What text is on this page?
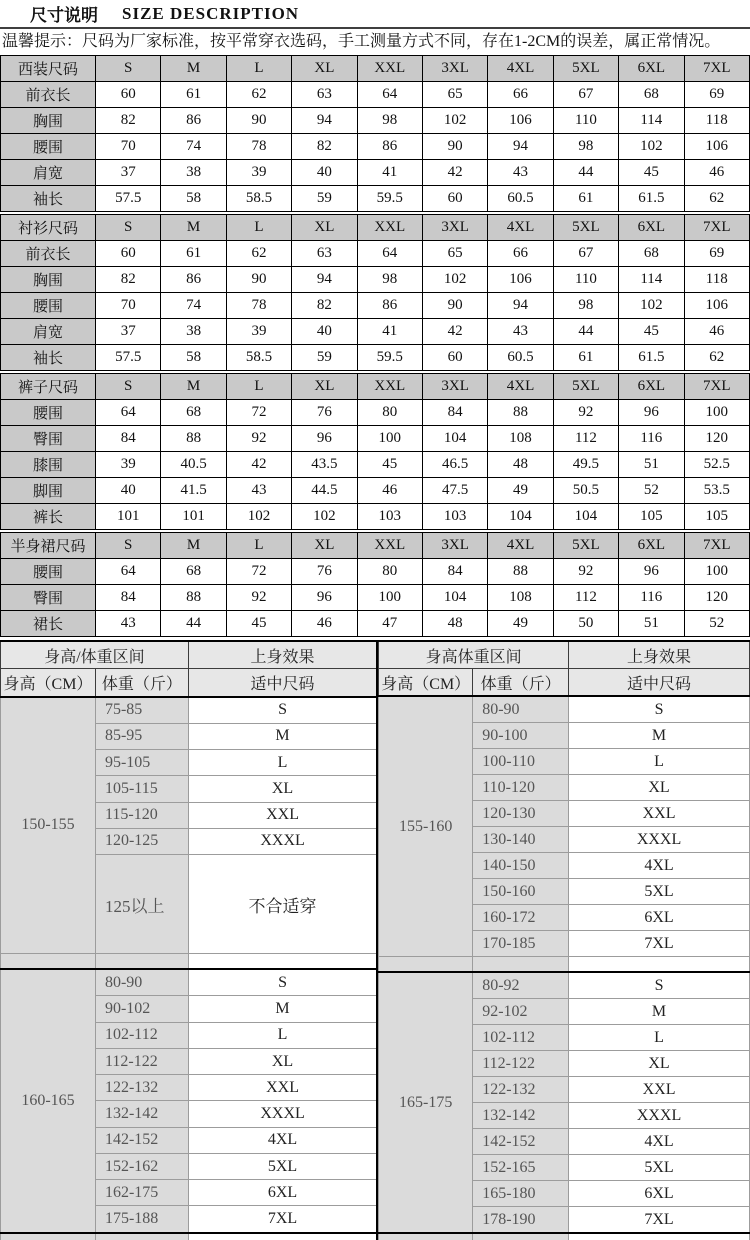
尺寸说明 SIZE DESCRIPTION
温馨提示：尺码为厂家标准，按平常穿衣选码，手工测量方式不同，存在1-2CM的误差，属正常情况。
西装尺码	S	M	L	XL	XXL	3XL	4XL	5XL	6XL	7XL
前衣长	60	61	62	63	64	65	66	67	68	69
胸围	82	86	90	94	98	102	106	110	114	118
腰围	70	74	78	82	86	90	94	98	102	106
肩宽	37	38	39	40	41	42	43	44	45	46
袖长	57.5	58	58.5	59	59.5	60	60.5	61	61.5	62
衬衫尺码	S	M	L	XL	XXL	3XL	4XL	5XL	6XL	7XL
前衣长	60	61	62	63	64	65	66	67	68	69
胸围	82	86	90	94	98	102	106	110	114	118
腰围	70	74	78	82	86	90	94	98	102	106
肩宽	37	38	39	40	41	42	43	44	45	46
袖长	57.5	58	58.5	59	59.5	60	60.5	61	61.5	62
裤子尺码	S	M	L	XL	XXL	3XL	4XL	5XL	6XL	7XL
腰围	64	68	72	76	80	84	88	92	96	100
臀围	84	88	92	96	100	104	108	112	116	120
膝围	39	40.5	42	43.5	45	46.5	48	49.5	51	52.5
脚围	40	41.5	43	44.5	46	47.5	49	50.5	52	53.5
裤长	101	101	102	102	103	103	104	104	105	105
半身裙尺码	S	M	L	XL	XXL	3XL	4XL	5XL	6XL	7XL
腰围	64	68	72	76	80	84	88	92	96	100
臀围	84	88	92	96	100	104	108	112	116	120
裙长	43	44	45	46	47	48	49	50	51	52
身高/体重区间		上身效果
身高（CM）	体重（斤）	适中尺码
150-155	75-85	S
	85-95	M
	95-105	L
	105-115	XL
	115-120	XXL
	120-125	XXXL
	125以上	不合适穿

160-165	80-90	S
	90-102	M
	102-112	L
	112-122	XL
	122-132	XXL
	132-142	XXXL
	142-152	4XL
	152-162	5XL
	162-175	6XL
	175-188	7XL

身高体重区间		上身效果
身高（CM）	体重（斤）	适中尺码
155-160	80-90	S
	90-100	M
	100-110	L
	110-120	XL
	120-130	XXL
	130-140	XXXL
	140-150	4XL
	150-160	5XL
	160-172	6XL
	170-185	7XL

165-175	80-92	S
	92-102	M
	102-112	L
	112-122	XL
	122-132	XXL
	132-142	XXXL
	142-152	4XL
	152-165	5XL
	165-180	6XL
	178-190	7XL
